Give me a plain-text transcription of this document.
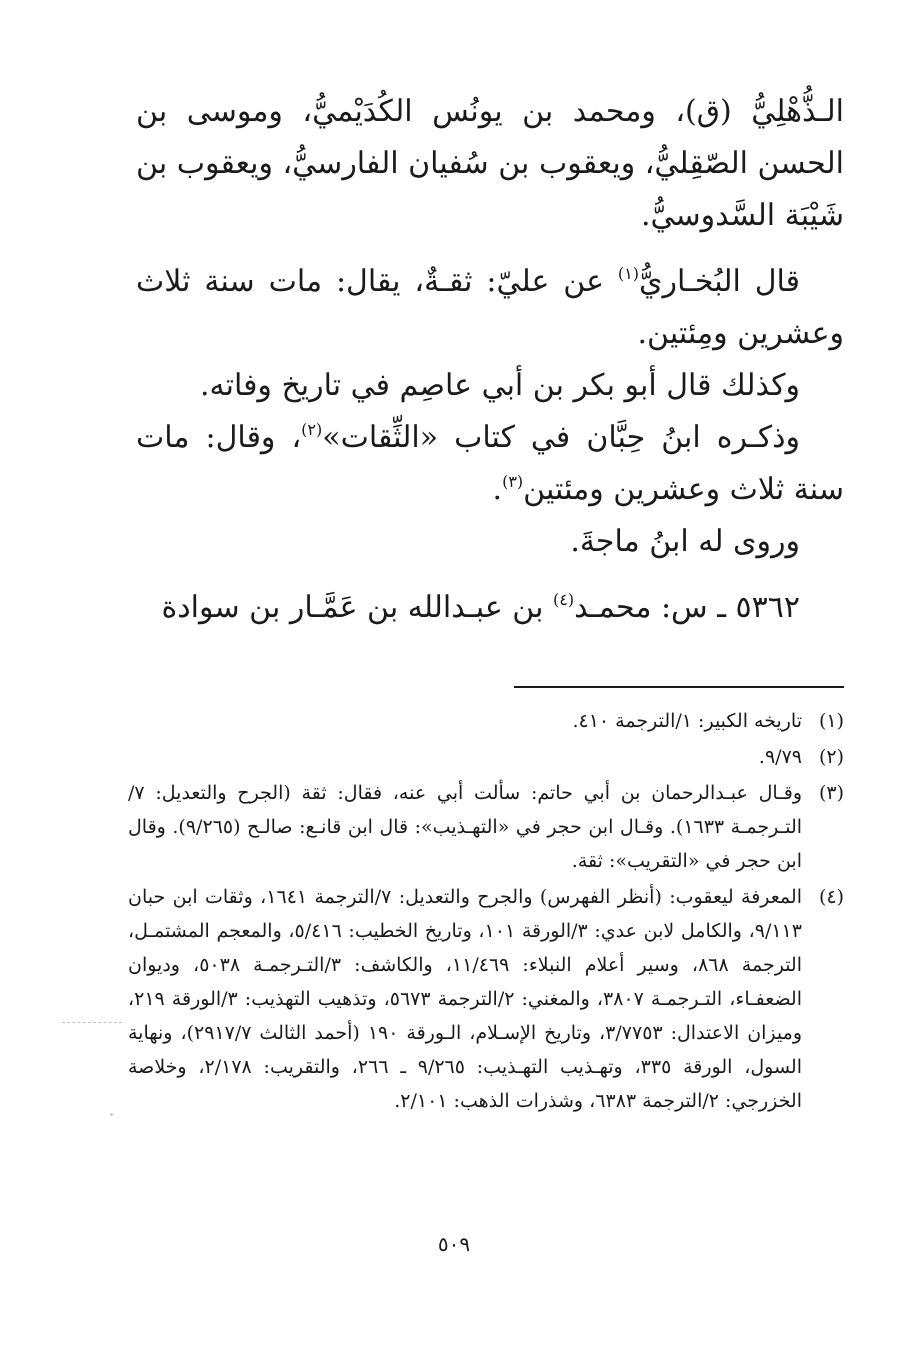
الـذُّهْلِيُّ (ق)، ومحمد بن يونُس الكُدَيْميُّ، وموسى بن الحسن الصّقِليُّ، ويعقوب بن سُفيان الفارسيُّ، ويعقوب بن شَيْبَة السَّدوسيُّ.

قال البُخـاريُّ$^{(١)}$ عن عليّ: ثقـةٌ، يقال: مات سنة ثلاث وعشرين ومِئتين.

وكذلك قال أبو بكر بن أبي عاصِم في تاريخ وفاته.

وذكـره ابنُ حِبَّان في كتاب «الثِّقات»$^{(٢)}$، وقال: مات سنة ثلاث وعشرين ومئتين$^{(٣)}$.

وروى له ابنُ ماجةَ.

٥٣٦٢ ـ س: محمـد$^{(٤)}$ بن عبـدالله بن عَمَّـار بن سوادة

(١)
تاريخه الكبير: ١/الترجمة ٤١٠.
(٢)
٩/٧٩.
(٣)
وقـال عبـدالرحمان بن أبي حاتم: سألت أبي عنه، فقال: ثقة (الجرح والتعديل: ٧/التـرجمـة ١٦٣٣). وقـال ابن حجر في «التهـذيب»: قال ابن قانـع: صالـح (٩/٢٦٥). وقال ابن حجر في «التقريب»: ثقة.
(٤)
المعرفة ليعقوب: (أنظر الفهرس) والجرح والتعديل: ٧/الترجمة ١٦٤١، وثقات ابن حبان ٩/١١٣، والكامل لابن عدي: ٣/الورقة ١٠١، وتاريخ الخطيب: ٥/٤١٦، والمعجم المشتمـل، الترجمة ٨٦٨، وسير أعلام النبلاء: ١١/٤٦٩، والكاشف: ٣/التـرجمـة ٥٠٣٨، وديوان الضعفـاء، التـرجمـة ٣٨٠٧، والمغني: ٢/الترجمة ٥٦٧٣، وتذهيب التهذيب: ٣/الورقة ٢١٩، وميزان الاعتدال: ٣/٧٧٥٣، وتاريخ الإسـلام، الـورقة ١٩٠ (أحمد الثالث ٢٩١٧/٧)، ونهاية السول، الورقة ٣٣٥، وتهـذيب التهـذيب: ٩/٢٦٥ ـ ٢٦٦، والتقريب: ٢/١٧٨، وخلاصة الخزرجي: ٢/الترجمة ٦٣٨٣، وشذرات الذهب: ٢/١٠١.
٥٠٩
